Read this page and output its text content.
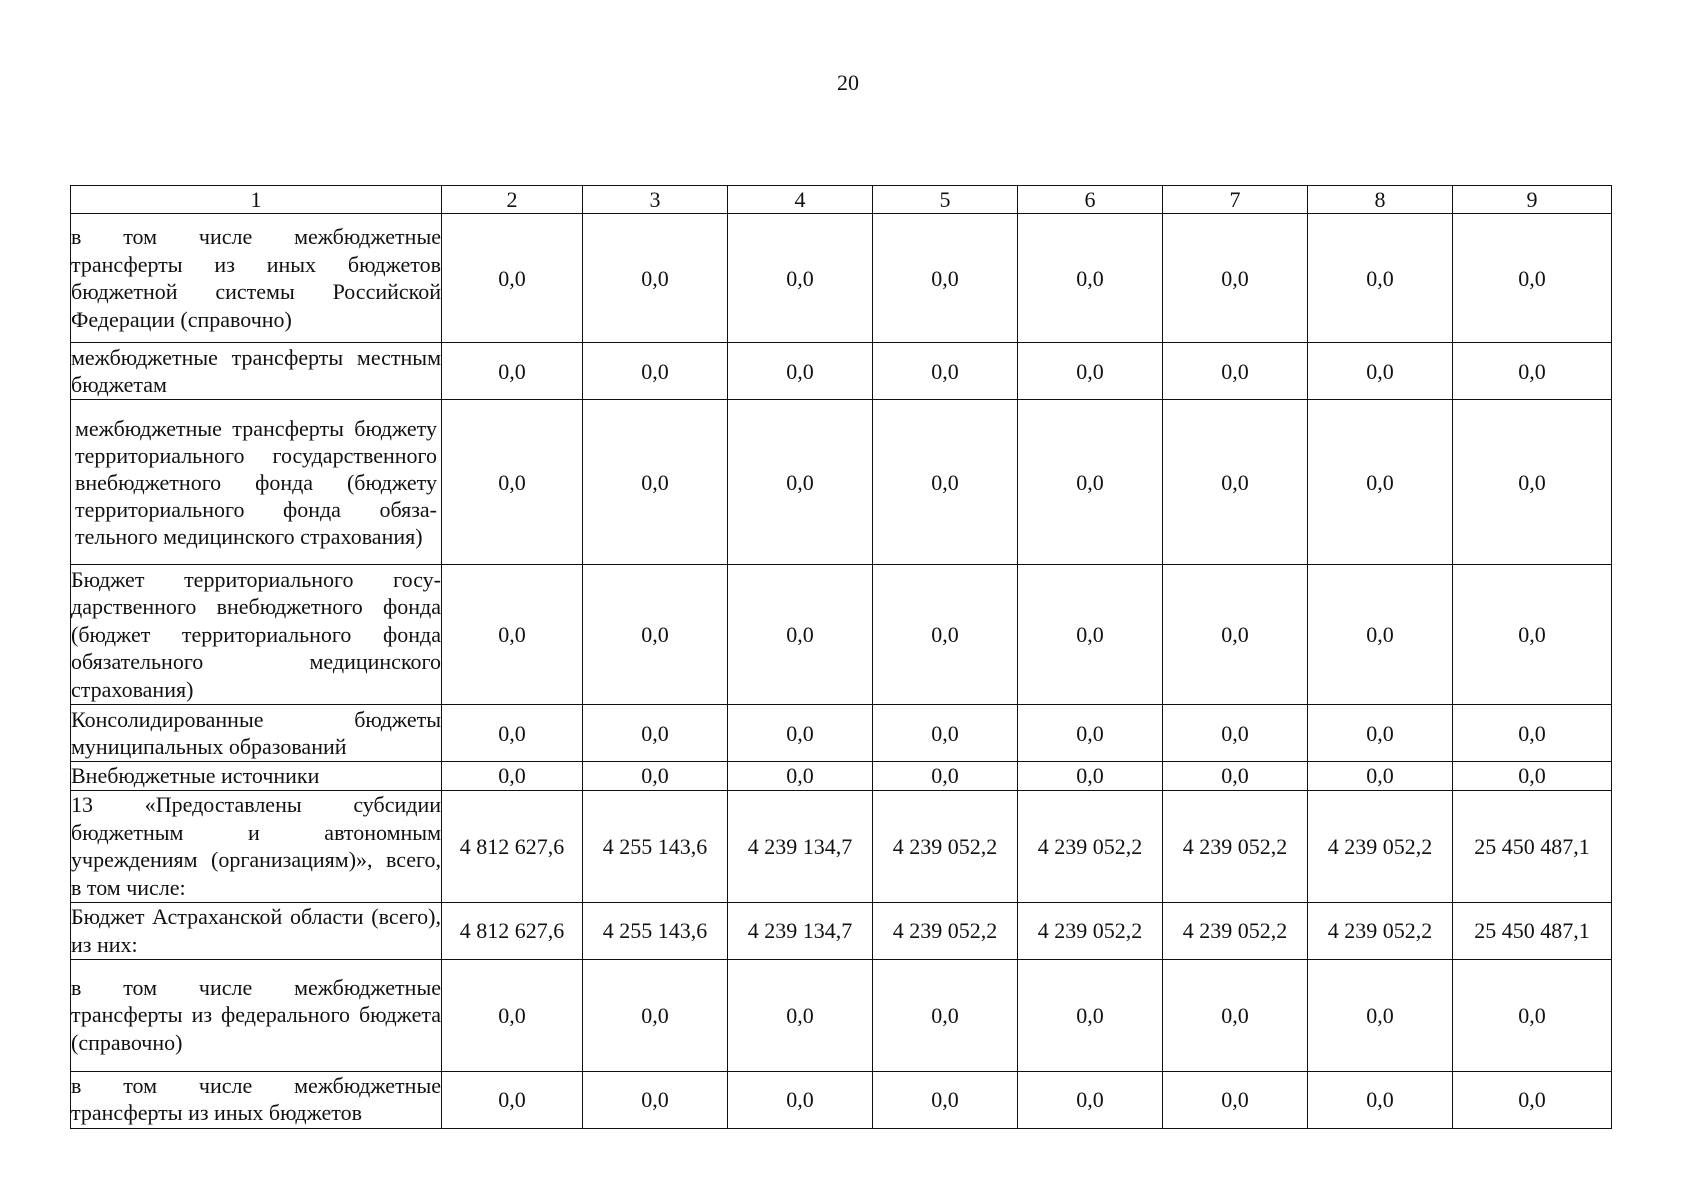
20
1	2	3	4	5	6	7	8	9
в том числе межбюджетные трансферты из иных бюджетов бюджетной системы Российской Федерации (справочно)	0,0	0,0	0,0	0,0	0,0	0,0	0,0	0,0
межбюджетные трансферты местным бюджетам	0,0	0,0	0,0	0,0	0,0	0,0	0,0	0,0
межбюджетные трансферты бюджету территориального государственного внебюджетного фонда (бюджету территориального фонда обязательного медицинского страхования)	0,0	0,0	0,0	0,0	0,0	0,0	0,0	0,0
Бюджет территориального государственного внебюджетного фонда (бюджет территориального фонда обязательного медицинского страхования)	0,0	0,0	0,0	0,0	0,0	0,0	0,0	0,0
Консолидированные бюджеты муниципальных образований	0,0	0,0	0,0	0,0	0,0	0,0	0,0	0,0
Внебюджетные источники	0,0	0,0	0,0	0,0	0,0	0,0	0,0	0,0
13 «Предоставлены субсидии бюджетным и автономным учреждениям (организациям)», всего, в том числе:	4 812 627,6	4 255 143,6	4 239 134,7	4 239 052,2	4 239 052,2	4 239 052,2	4 239 052,2	25 450 487,1
Бюджет Астраханской области (всего), из них:	4 812 627,6	4 255 143,6	4 239 134,7	4 239 052,2	4 239 052,2	4 239 052,2	4 239 052,2	25 450 487,1
в том числе межбюджетные трансферты из федерального бюджета (справочно)	0,0	0,0	0,0	0,0	0,0	0,0	0,0	0,0
в том числе межбюджетные трансферты из иных бюджетов	0,0	0,0	0,0	0,0	0,0	0,0	0,0	0,0
